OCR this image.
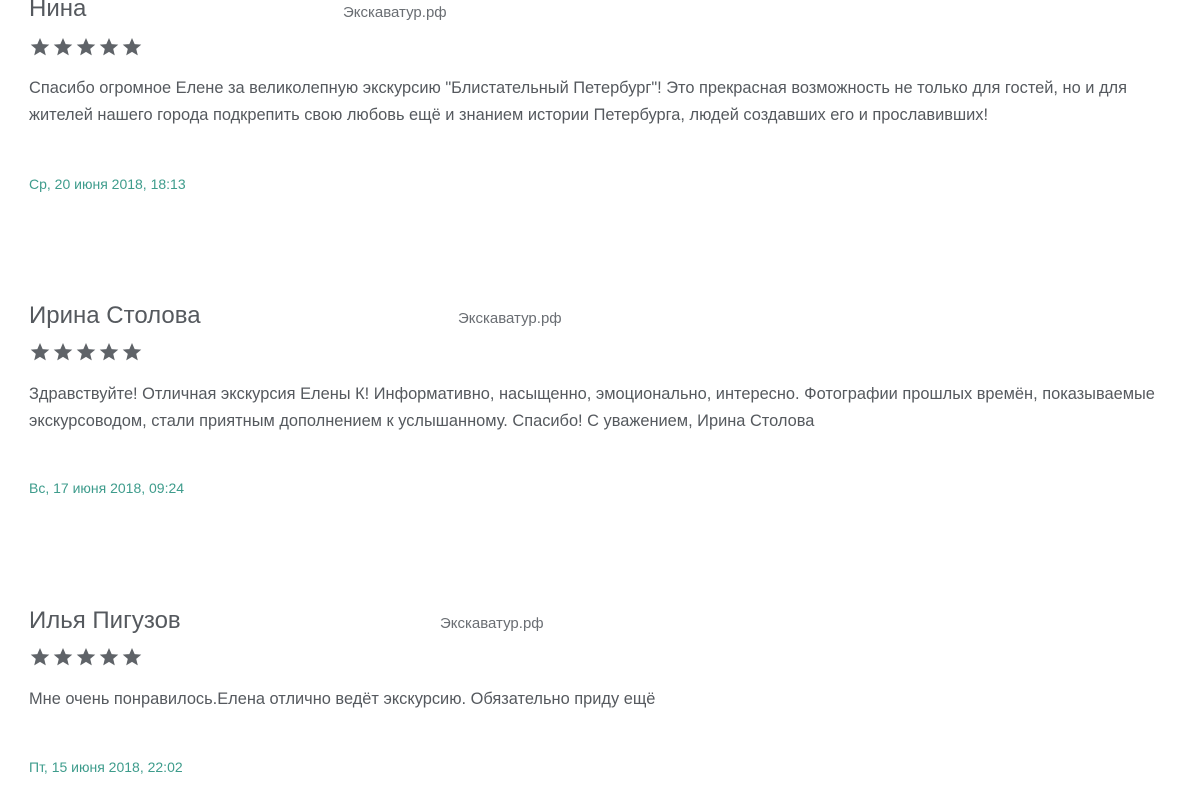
Нина	Экскаватур.рф
Спасибо огромное Елене за великолепную экскурсию "Блистательный Петербург"! Это прекрасная возможность не только для гостей, но и для жителей нашего города подкрепить свою любовь ещё и знанием истории Петербурга, людей создавших его и прославивших!
Ср, 20 июня 2018, 18:13
Ирина Столова	Экскаватур.рф
Здравствуйте! Отличная экскурсия Елены К! Информативно, насыщенно, эмоционально, интересно. Фотографии прошлых времён, показываемые экскурсоводом, стали приятным дополнением к услышанному. Спасибо! С уважением, Ирина Столова
Вс, 17 июня 2018, 09:24
Илья Пигузов	Экскаватур.рф
Мне очень понравилось.Елена отлично ведёт экскурсию. Обязательно приду ещё
Пт, 15 июня 2018, 22:02
